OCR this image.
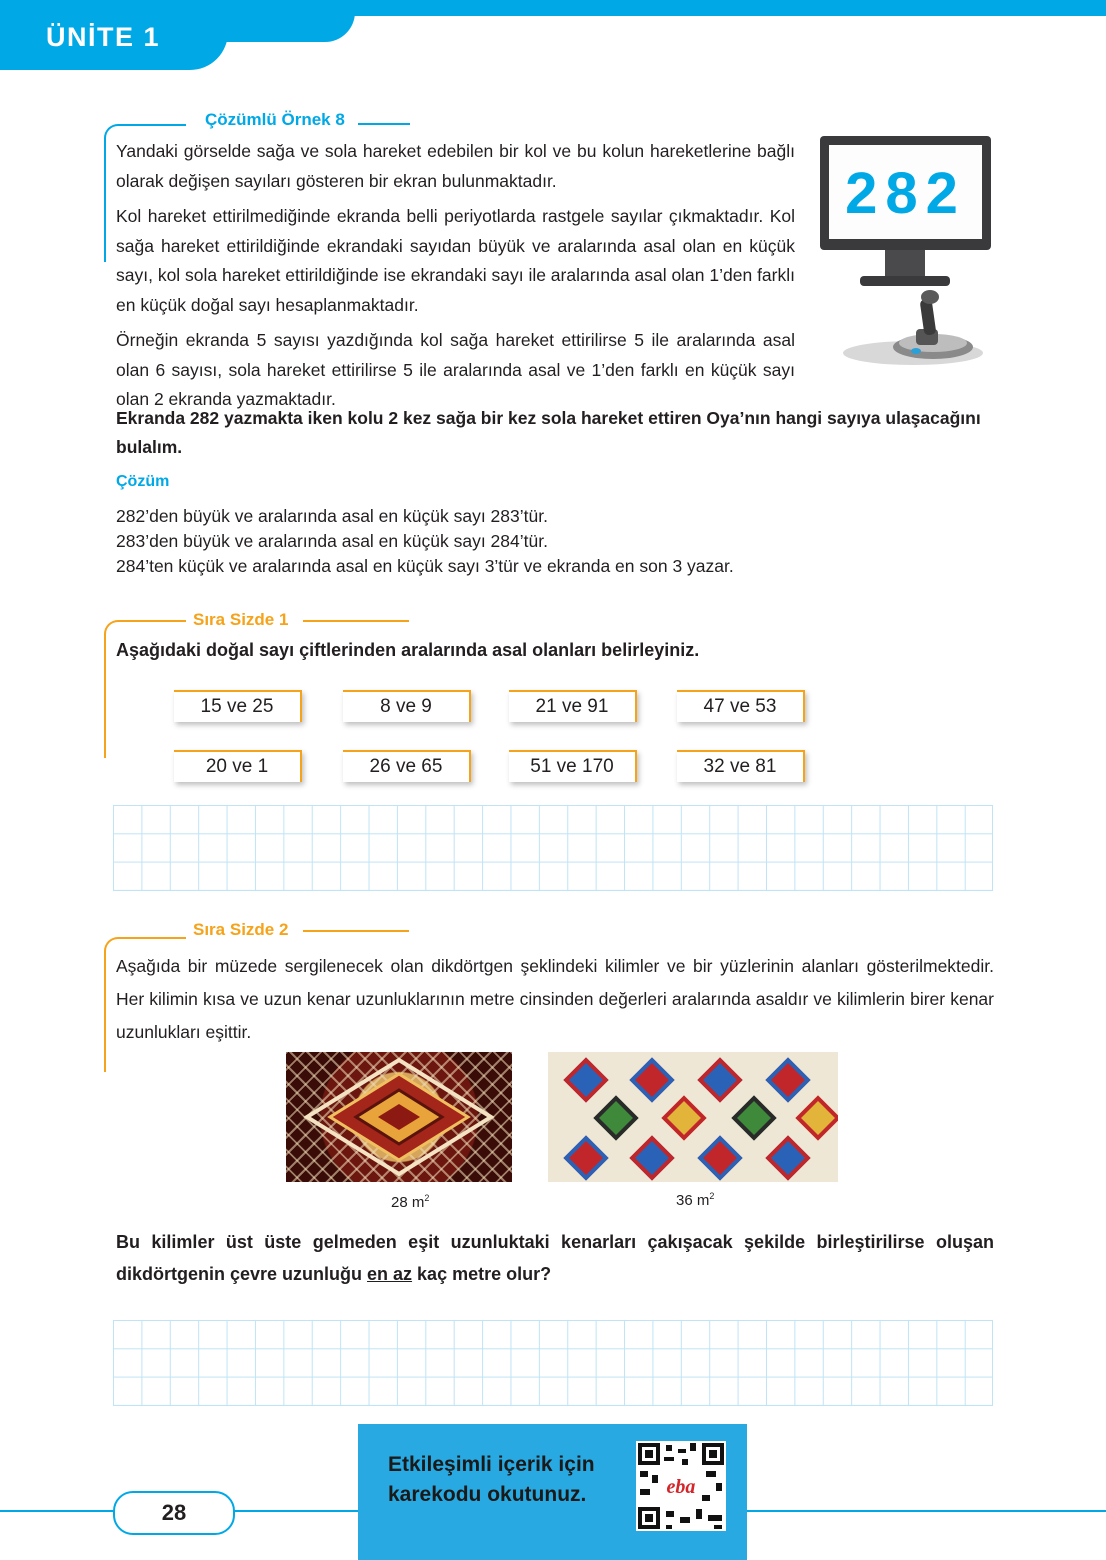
ÜNİTE 1
Çözümlü Örnek 8

Yandaki görselde sağa ve sola hareket edebilen bir kol ve bu kolun hareketlerine bağlı olarak değişen sayıları gösteren bir ekran bulunmaktadır.

Kol hareket ettirilmediğinde ekranda belli periyotlarda rastgele sayılar çıkmaktadır. Kol sağa hareket ettirildiğinde ekrandaki sayıdan büyük ve aralarında asal olan en küçük sayı, kol sola hareket ettirildiğinde ise ekrandaki sayı ile aralarında asal olan 1’den farklı en küçük doğal sayı hesaplanmaktadır.

Örneğin ekranda 5 sayısı yazdığında kol sağa hareket ettirilirse 5 ile aralarında asal olan 6 sayısı, sola hareket ettirilirse 5 ile aralarında asal ve 1’den farklı en küçük sayı olan 2 ekranda yazmaktadır.

282
Ekranda 282 yazmakta iken kolu 2 kez sağa bir kez sola hareket ettiren Oya’nın hangi sayıya ulaşacağını bulalım.
Çözüm
282’den büyük ve aralarında asal en küçük sayı 283’tür.
283’den büyük ve aralarında asal en küçük sayı 284’tür.
284’ten küçük ve aralarında asal en küçük sayı 3’tür ve ekranda en son 3 yazar.
Sıra Sizde 1
Aşağıdaki doğal sayı çiftlerinden aralarında asal olanları belirleyiniz.
15 ve 25	8 ve 9	21 ve 91	47 ve 53
20 ve 1	26 ve 65	51 ve 170	32 ve 81
Sıra Sizde 2

Aşağıda bir müzede sergilenecek olan dikdörtgen şeklindeki kilimler ve bir yüzlerinin alanları gösterilmektedir. Her kilimin kısa ve uzun kenar uzunluklarının metre cinsinden değerleri aralarında asaldır ve kilimlerin birer kenar uzunlukları eşittir.

28 $m^2$	36 $m^2$
Bu kilimler üst üste gelmeden eşit uzunluktaki kenarları çakışacak şekilde birleştirilirse oluşan dikdörtgenin çevre uzunluğu en az kaç metre olur?
28
Etkileşimli içerik için
karekodu okutunuz.	eba
